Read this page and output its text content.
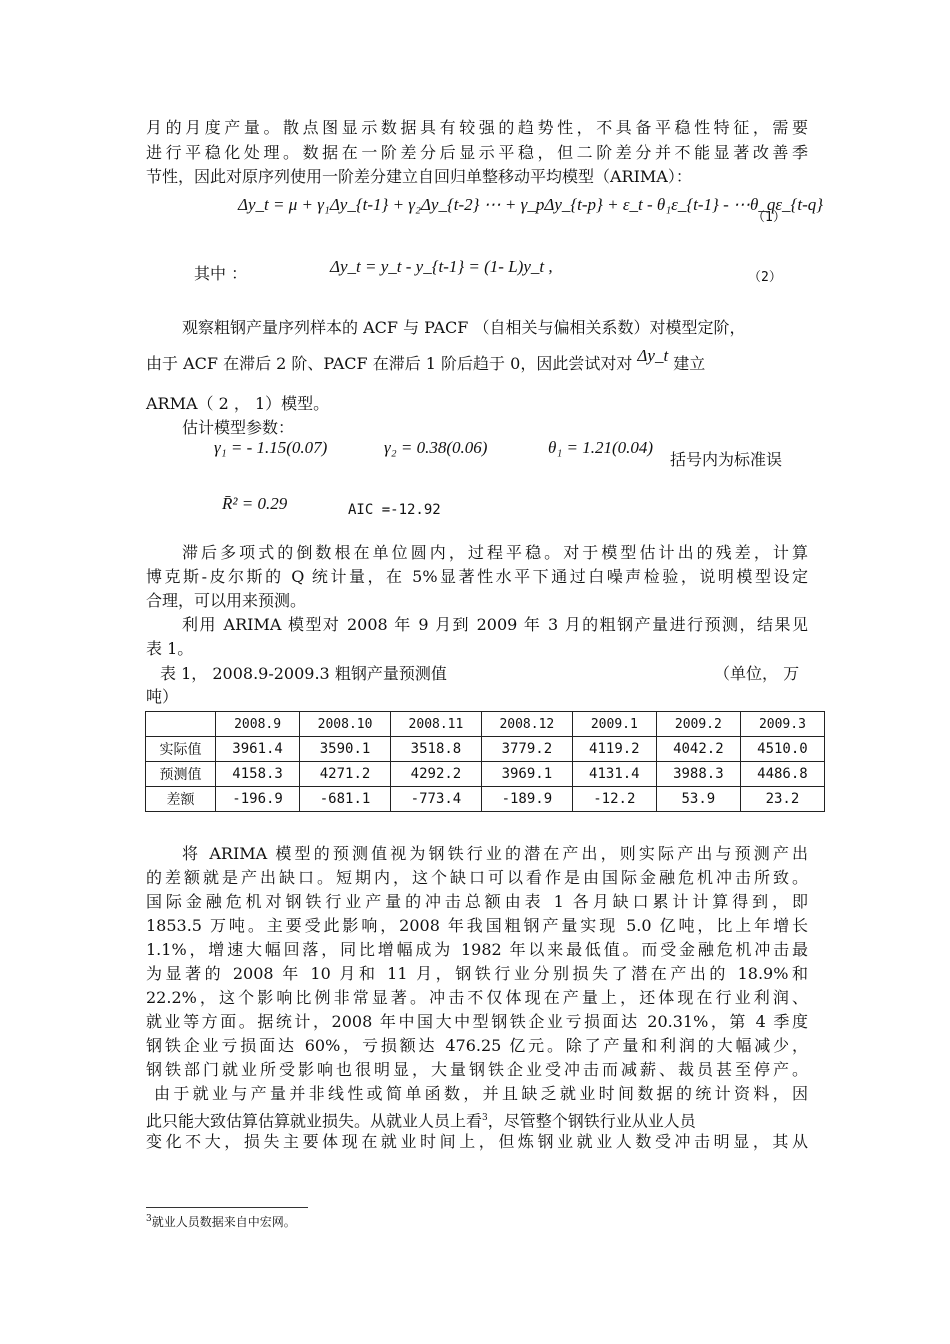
月的月度产量。散点图显示数据具有较强的趋势性，不具备平稳性特征，需要
进行平稳化处理。数据在一阶差分后显示平稳，但二阶差分并不能显著改善季
节性，因此对原序列使用一阶差分建立自回归单整移动平均模型（ARIMA）：
Δy_t = μ + γ₁Δy_{t-1} + γ₂Δy_{t-2} ⋯ + γ_pΔy_{t-p} + ε_t - θ₁ε_{t-1} - ⋯θ_qε_{t-q}
（1）
其中 ：	Δy_t = y_t - y_{t-1} = (1- L)y_t ,
（2）
观察粗钢产量序列样本的 ACF 与 PACF （自相关与偏相关系数）对模型定阶，
由于 ACF 在滞后 2 阶、PACF 在滞后 1 阶后趋于 0，因此尝试对对 Δy_t 建立
ARMA（ 2 ， 1）模型。
估计模型参数：
γ₁ = - 1.15(0.07)	γ₂ = 0.38(0.06)	θ₁ = 1.21(0.04)
括号内为标准误
R̄² = 0.29	AIC =-12.92
滞后多项式的倒数根在单位圆内，过程平稳。对于模型估计出的残差，计算
博克斯-皮尔斯的 Q 统计量，在 5%显著性水平下通过白噪声检验，说明模型设定
合理，可以用来预测。
利用 ARIMA 模型对 2008 年 9 月到 2009 年 3 月的粗钢产量进行预测，结果见
表 1。
表 1， 2008.9-2009.3 粗钢产量预测值	（单位， 万
吨）
	2008.9	2008.10	2008.11	2008.12	2009.1	2009.2	2009.3
实际值	3961.4	3590.1	3518.8	3779.2	4119.2	4042.2	4510.0
预测值	4158.3	4271.2	4292.2	3969.1	4131.4	3988.3	4486.8
差额	-196.9	-681.1	-773.4	-189.9	-12.2	53.9	23.2
将 ARIMA 模型的预测值视为钢铁行业的潜在产出，则实际产出与预测产出
的差额就是产出缺口。短期内，这个缺口可以看作是由国际金融危机冲击所致。
国际金融危机对钢铁行业产量的冲击总额由表 1 各月缺口累计计算得到，即
1853.5 万吨。主要受此影响，2008 年我国粗钢产量实现 5.0 亿吨，比上年增长
1.1%，增速大幅回落，同比增幅成为 1982 年以来最低值。而受金融危机冲击最
为显著的 2008 年 10 月和 11 月，钢铁行业分别损失了潜在产出的 18.9%和
22.2%，这个影响比例非常显著。冲击不仅体现在产量上，还体现在行业利润、
就业等方面。据统计，2008 年中国大中型钢铁企业亏损面达 20.31%，第 4 季度
钢铁企业亏损面达 60%，亏损额达 476.25 亿元。除了产量和利润的大幅减少，
钢铁部门就业所受影响也很明显，大量钢铁企业受冲击而减薪、裁员甚至停产。
由于就业与产量并非线性或简单函数，并且缺乏就业时间数据的统计资料，因
此只能大致估算估算就业损失。从就业人员上看$^3$，尽管整个钢铁行业从业人员
变化不大，损失主要体现在就业时间上，但炼钢业就业人数受冲击明显，其从
$^3$就业人员数据来自中宏网。
